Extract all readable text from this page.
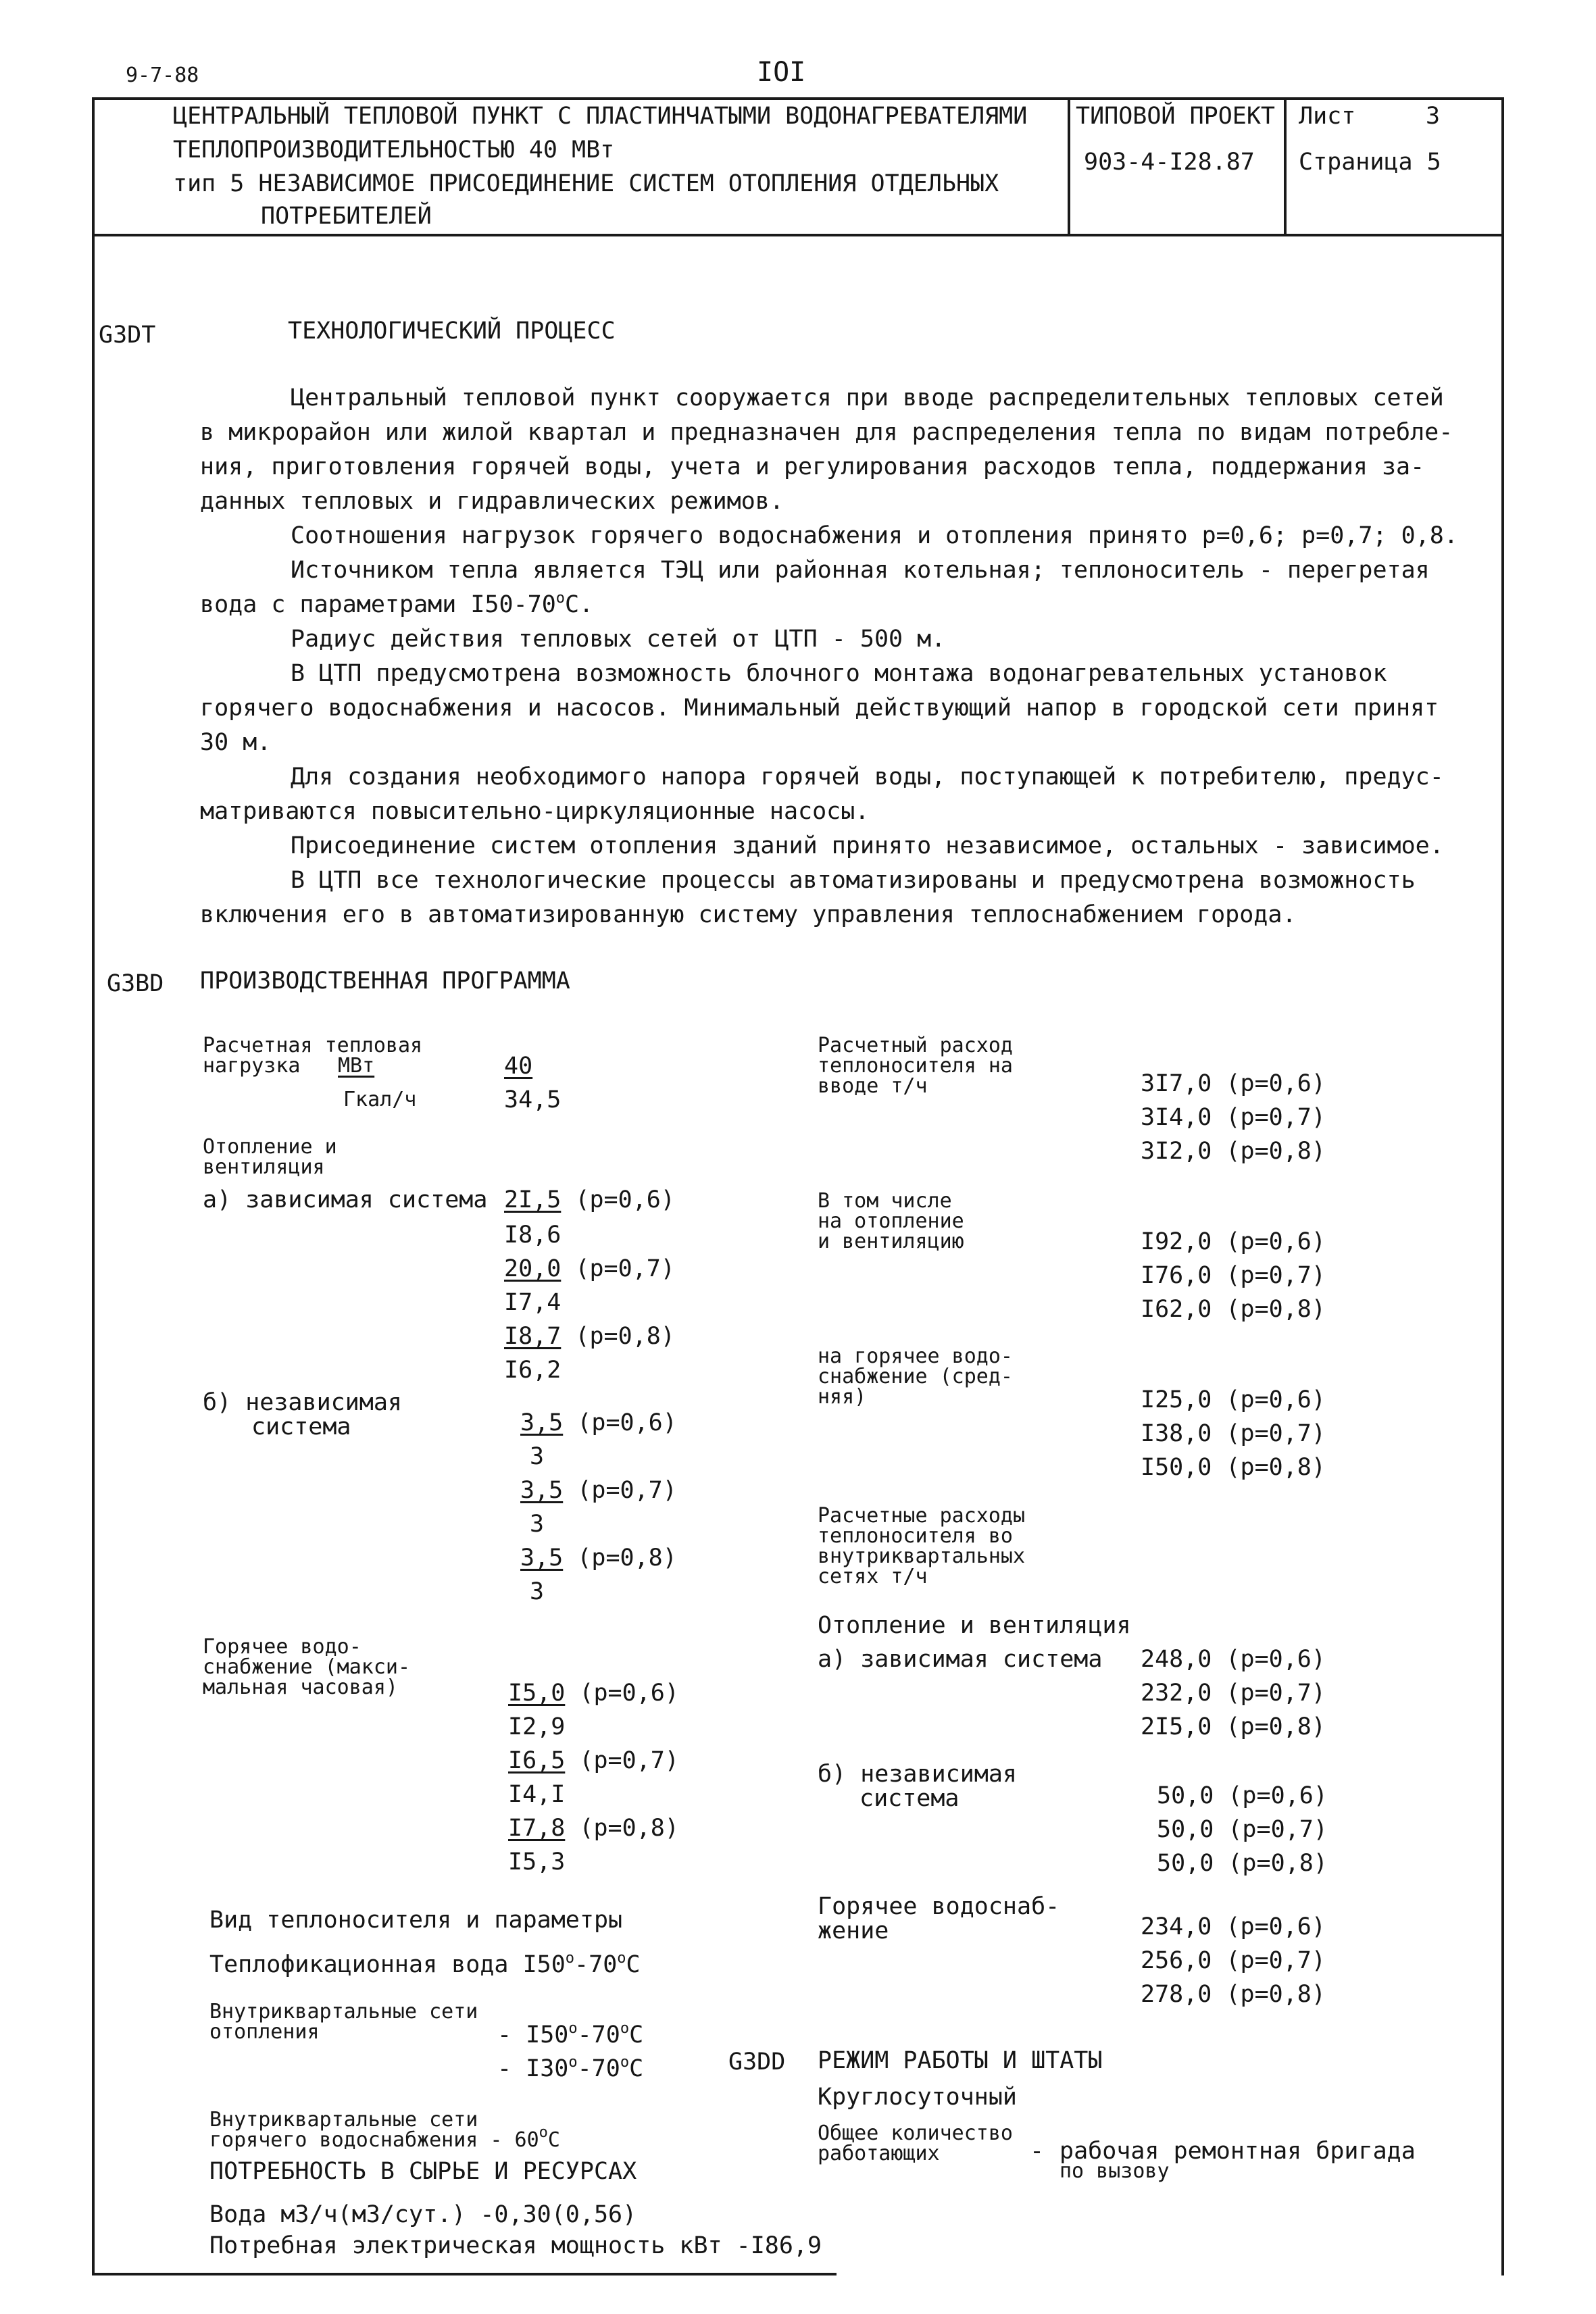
9-7-88	IOI
ЦЕНТРАЛЬНЫЙ ТЕПЛОВОЙ ПУНКТ С ПЛАСТИНЧАТЫМИ ВОДОНАГРЕВАТЕЛЯМИ
ТЕПЛОПРОИЗВОДИТЕЛЬНОСТЬЮ 40 МВт
тип 5 НЕЗАВИСИМОЕ ПРИСОЕДИНЕНИЕ СИСТЕМ ОТОПЛЕНИЯ ОТДЕЛЬНЫХ
ПОТРЕБИТЕЛЕЙ
ТИПОВОЙ ПРОЕКТ
903-4-I28.87
Лист	3
Страница 5
G3DT	ТЕХНОЛОГИЧЕСКИЙ ПРОЦЕСС
Центральный тепловой пункт сооружается при вводе распределительных тепловых сетей
в микрорайон или жилой квартал и предназначен для распределения тепла по видам потребле-
ния, приготовления горячей воды, учета и регулирования расходов тепла, поддержания за-
данных тепловых и гидравлических режимов.
Соотношения нагрузок горячего водоснабжения и отопления принято р=0,6; р=0,7; 0,8.
Источником тепла является ТЭЦ или районная котельная; теплоноситель - перегретая
вода с параметрами $I50-70^оС$.
Радиус действия тепловых сетей от ЦТП - 500 м.
В ЦТП предусмотрена возможность блочного монтажа водонагревательных установок
горячего водоснабжения и насосов. Минимальный действующий напор в городской сети принят
30 м.
Для создания необходимого напора горячей воды, поступающей к потребителю, предус-
матриваются повысительно-циркуляционные насосы.
Присоединение систем отопления зданий принято независимое, остальных - зависимое.
В ЦТП все технологические процессы автоматизированы и предусмотрена возможность
включения его в автоматизированную систему управления теплоснабжением города.
G3BD ПРОИЗВОДСТВЕННАЯ ПРОГРАММА
Расчетная тепловая
нагрузка МВт	40
Гкал/ч	34,5
Отопление и
вентиляция
а) зависимая система 2I,5 (р=0,6)
I8,6
20,0 (р=0,7)
I7,4
I8,7 (р=0,8)
I6,2
б) независимая
система	3,5 (р=0,6)
3
3,5 (р=0,7)
3
3,5 (р=0,8)
3
Горячее водо-
снабжение (макси-
мальная часовая)	I5,0 (р=0,6)
I2,9
I6,5 (р=0,7)
I4,I
I7,8 (р=0,8)
I5,3
Вид теплоносителя и параметры
Теплофикационная вода $I50^о-70^оС$
Внутриквартальные сети
отопления	- $I50^о-70^оС$
- $I30^о-70^оС$
Внутриквартальные сети
горячего водоснабжения - $60^оС$
ПОТРЕБНОСТЬ В СЫРЬЕ И РЕСУРСАХ
Вода м3/ч(м3/сут.) -0,30(0,56)
Потребная электрическая мощность кВт -I86,9
Расчетный расход
теплоносителя на
вводе т/ч	3I7,0 (р=0,6)
3I4,0 (р=0,7)
3I2,0 (р=0,8)
В том числе
на отопление
и вентиляцию	I92,0 (р=0,6)
I76,0 (р=0,7)
I62,0 (р=0,8)
на горячее водо-
снабжение (сред-
няя)	I25,0 (р=0,6)
I38,0 (р=0,7)
I50,0 (р=0,8)
Расчетные расходы
теплоносителя во
внутриквартальных
сетях т/ч
Отопление и вентиляция
а) зависимая система 248,0 (р=0,6)
232,0 (р=0,7)
2I5,0 (р=0,8)
б) независимая
система	50,0 (р=0,6)
50,0 (р=0,7)
50,0 (р=0,8)
Горячее водоснаб-
жение	234,0 (р=0,6)
256,0 (р=0,7)
278,0 (р=0,8)
G3DD РЕЖИМ РАБОТЫ И ШТАТЫ
Круглосуточный
Общее количество
работающих	- рабочая ремонтная бригада
по вызову
